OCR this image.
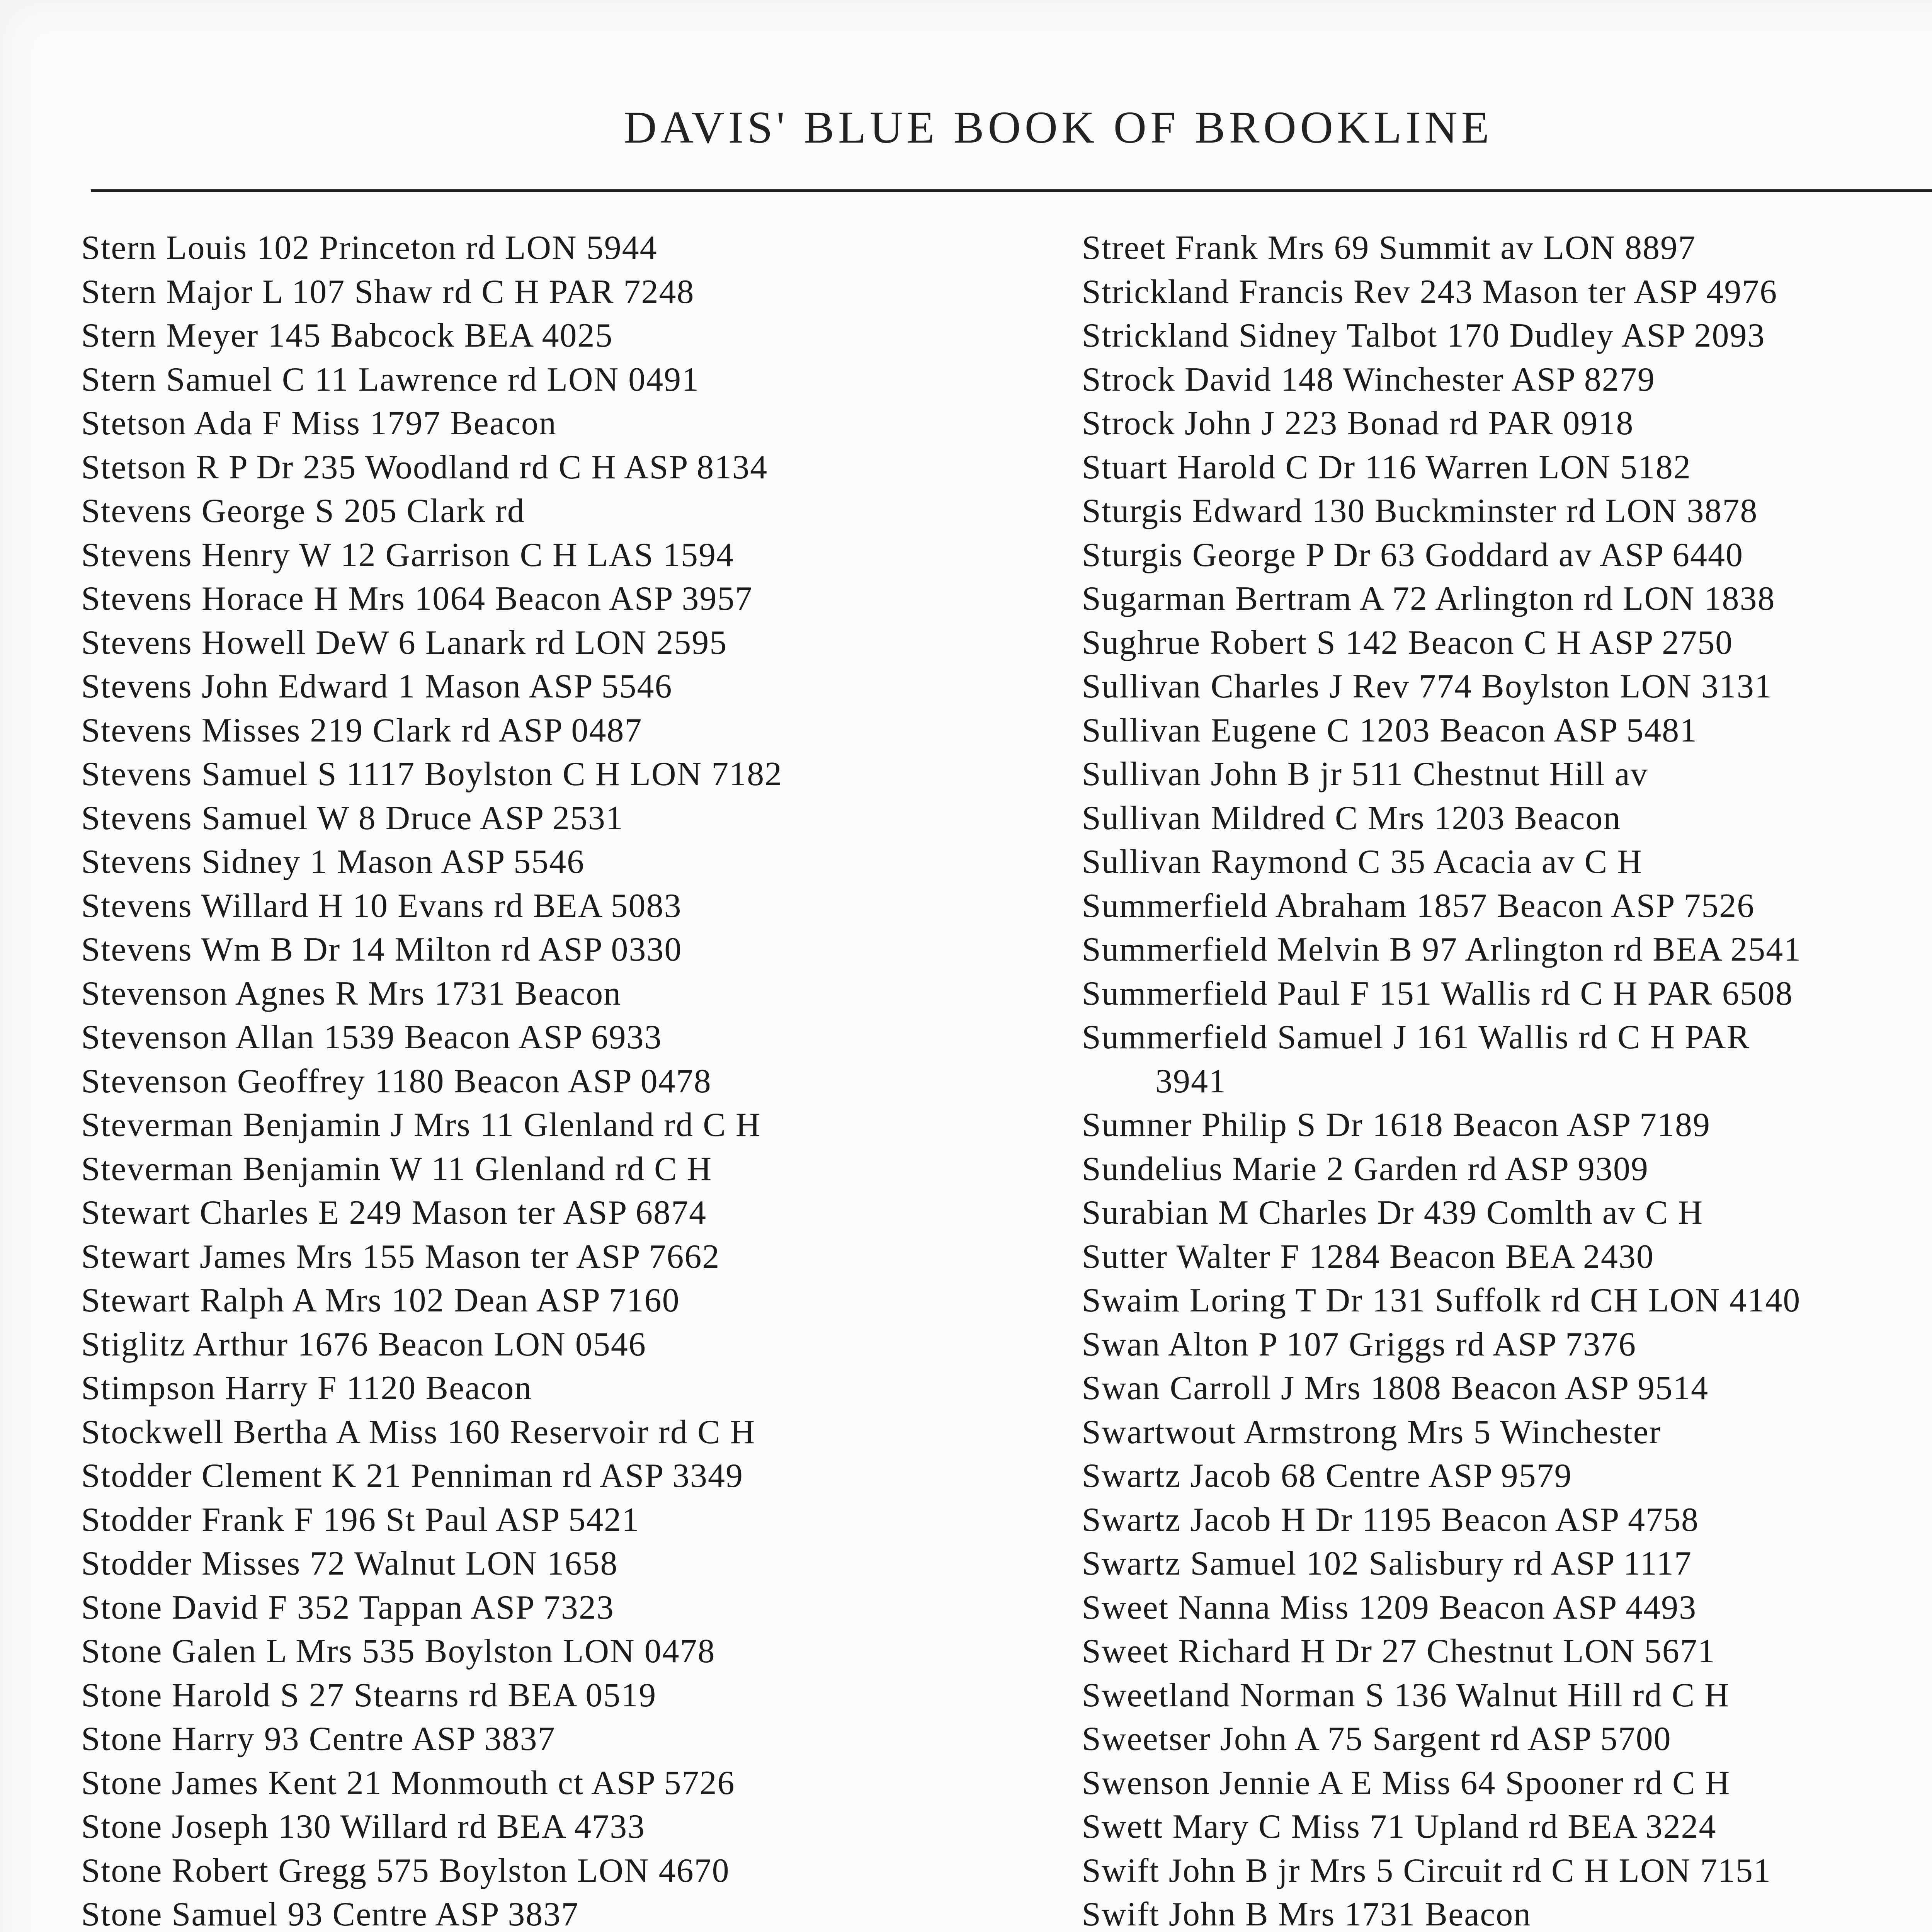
DAVIS' BLUE BOOK OF BROOKLINE
Stern Louis 102 Princeton rd LON 5944
Stern Major L 107 Shaw rd C H PAR 7248
Stern Meyer 145 Babcock BEA 4025
Stern Samuel C 11 Lawrence rd LON 0491
Stetson Ada F Miss 1797 Beacon
Stetson R P Dr 235 Woodland rd C H ASP 8134
Stevens George S 205 Clark rd
Stevens Henry W 12 Garrison C H LAS 1594
Stevens Horace H Mrs 1064 Beacon ASP 3957
Stevens Howell DeW 6 Lanark rd LON 2595
Stevens John Edward 1 Mason ASP 5546
Stevens Misses 219 Clark rd ASP 0487
Stevens Samuel S 1117 Boylston C H LON 7182
Stevens Samuel W 8 Druce ASP 2531
Stevens Sidney 1 Mason ASP 5546
Stevens Willard H 10 Evans rd BEA 5083
Stevens Wm B Dr 14 Milton rd ASP 0330
Stevenson Agnes R Mrs 1731 Beacon
Stevenson Allan 1539 Beacon ASP 6933
Stevenson Geoffrey 1180 Beacon ASP 0478
Steverman Benjamin J Mrs 11 Glenland rd C H
Steverman Benjamin W 11 Glenland rd C H
Stewart Charles E 249 Mason ter ASP 6874
Stewart James Mrs 155 Mason ter ASP 7662
Stewart Ralph A Mrs 102 Dean ASP 7160
Stiglitz Arthur 1676 Beacon LON 0546
Stimpson Harry F 1120 Beacon
Stockwell Bertha A Miss 160 Reservoir rd C H
Stodder Clement K 21 Penniman rd ASP 3349
Stodder Frank F 196 St Paul ASP 5421
Stodder Misses 72 Walnut LON 1658
Stone David F 352 Tappan ASP 7323
Stone Galen L Mrs 535 Boylston LON 0478
Stone Harold S 27 Stearns rd BEA 0519
Stone Harry 93 Centre ASP 3837
Stone James Kent 21 Monmouth ct ASP 5726
Stone Joseph 130 Willard rd BEA 4733
Stone Robert Gregg 575 Boylston LON 4670
Stone Samuel 93 Centre ASP 3837
Street Frank Mrs 69 Summit av LON 8897
Strickland Francis Rev 243 Mason ter ASP 4976
Strickland Sidney Talbot 170 Dudley ASP 2093
Strock David 148 Winchester ASP 8279
Strock John J 223 Bonad rd PAR 0918
Stuart Harold C Dr 116 Warren LON 5182
Sturgis Edward 130 Buckminster rd LON 3878
Sturgis George P Dr 63 Goddard av ASP 6440
Sugarman Bertram A 72 Arlington rd LON 1838
Sughrue Robert S 142 Beacon C H ASP 2750
Sullivan Charles J Rev 774 Boylston LON 3131
Sullivan Eugene C 1203 Beacon ASP 5481
Sullivan John B jr 511 Chestnut Hill av
Sullivan Mildred C Mrs 1203 Beacon
Sullivan Raymond C 35 Acacia av C H
Summerfield Abraham 1857 Beacon ASP 7526
Summerfield Melvin B 97 Arlington rd BEA 2541
Summerfield Paul F 151 Wallis rd C H PAR 6508
Summerfield Samuel J 161 Wallis rd C H PAR
3941
Sumner Philip S Dr 1618 Beacon ASP 7189
Sundelius Marie 2 Garden rd ASP 9309
Surabian M Charles Dr 439 Comlth av C H
Sutter Walter F 1284 Beacon BEA 2430
Swaim Loring T Dr 131 Suffolk rd CH LON 4140
Swan Alton P 107 Griggs rd ASP 7376
Swan Carroll J Mrs 1808 Beacon ASP 9514
Swartwout Armstrong Mrs 5 Winchester
Swartz Jacob 68 Centre ASP 9579
Swartz Jacob H Dr 1195 Beacon ASP 4758
Swartz Samuel 102 Salisbury rd ASP 1117
Sweet Nanna Miss 1209 Beacon ASP 4493
Sweet Richard H Dr 27 Chestnut LON 5671
Sweetland Norman S 136 Walnut Hill rd C H
Sweetser John A 75 Sargent rd ASP 5700
Swenson Jennie A E Miss 64 Spooner rd C H
Swett Mary C Miss 71 Upland rd BEA 3224
Swift John B jr Mrs 5 Circuit rd C H LON 7151
Swift John B Mrs 1731 Beacon
